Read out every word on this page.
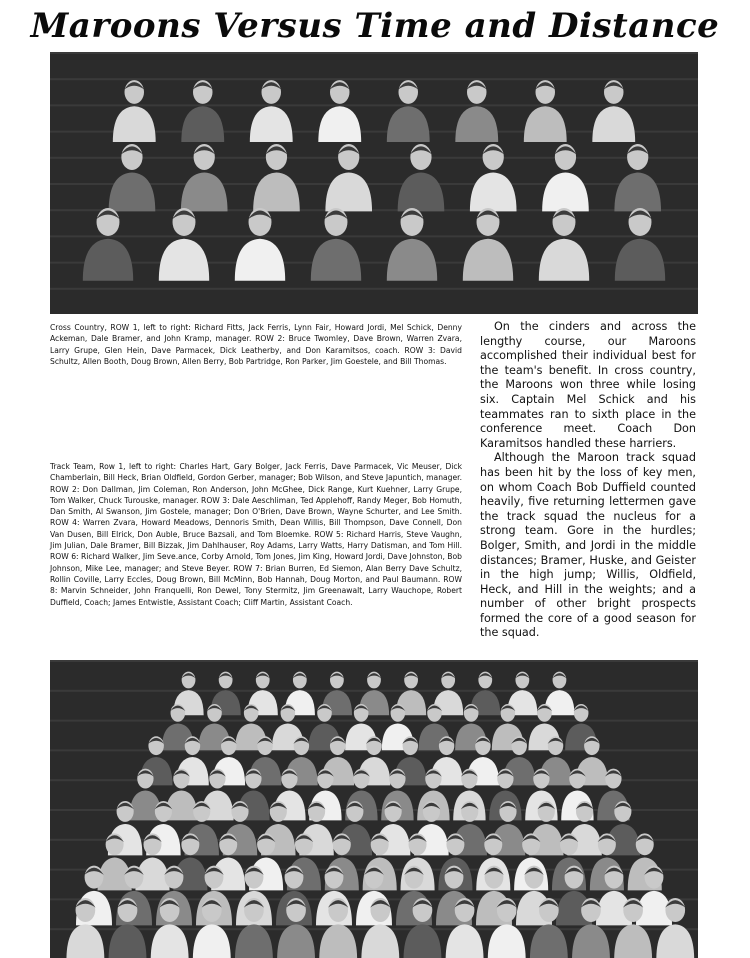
Maroons Versus Time and Distance

Cross Country, ROW 1, left to right: Richard Fitts, Jack Ferris, Lynn Fair, Howard Jordi, Mel Schick, Denny Ackeman, Dale Bramer, and John Kramp, manager. ROW 2: Bruce Twomley, Dave Brown, Warren Zvara, Larry Grupe, Glen Hein, Dave Parmacek, Dick Leatherby, and Don Karamitsos, coach. ROW 3: David Schultz, Allen Booth, Doug Brown, Allen Berry, Bob Partridge, Ron Parker, Jim Goestele, and Bill Thomas.

Track Team, Row 1, left to right: Charles Hart, Gary Bolger, Jack Ferris, Dave Parmacek, Vic Meuser, Dick Chamberlain, Bill Heck, Brian Oldfield, Gordon Gerber, manager; Bob Wilson, and Steve Japuntich, manager. ROW 2: Don Dallman, Jim Coleman, Ron Anderson, John McGhee, Dick Range, Kurt Kuehner, Larry Grupe, Tom Walker, Chuck Turouske, manager. ROW 3: Dale Aeschliman, Ted Applehoff, Randy Meger, Bob Homuth, Dan Smith, Al Swanson, Jim Gostele, manager; Don O'Brien, Dave Brown, Wayne Schurter, and Lee Smith. ROW 4: Warren Zvara, Howard Meadows, Dennoris Smith, Dean Willis, Bill Thompson, Dave Connell, Don Van Dusen, Bill Elrick, Don Auble, Bruce Bazsali, and Tom Bloemke. ROW 5: Richard Harris, Steve Vaughn, Jim Julian, Dale Bramer, Bill Bizzak, Jim Dahlhauser, Roy Adams, Larry Watts, Harry Datisman, and Tom Hill. ROW 6: Richard Walker, Jim Seve.ance, Corby Arnold, Tom Jones, Jim King, Howard Jordi, Dave Johnston, Bob Johnson, Mike Lee, manager; and Steve Beyer. ROW 7: Brian Burren, Ed Siemon, Alan Berry Dave Schultz, Rollin Coville, Larry Eccles, Doug Brown, Bill McMinn, Bob Hannah, Doug Morton, and Paul Baumann. ROW 8: Marvin Schneider, John Franquelli, Ron Dewel, Tony Stermitz, Jim Greenawalt, Larry Wauchope, Robert Duffield, Coach; James Entwistle, Assistant Coach; Cliff Martin, Assistant Coach.

On the cinders and across the lengthy course, our Maroons accomplished their individual best for the team's benefit. In cross country, the Maroons won three while losing six. Captain Mel Schick and his teammates ran to sixth place in the conference meet. Coach Don Karamitsos handled these harriers.

Although the Maroon track squad has been hit by the loss of key men, on whom Coach Bob Duffield counted heavily, five returning lettermen gave the track squad the nucleus for a strong team. Gore in the hurdles; Bolger, Smith, and Jordi in the middle distances; Bramer, Huske, and Geister in the high jump; Willis, Oldfield, Heck, and Hill in the weights; and a number of other bright prospects formed the core of a good season for the squad.
